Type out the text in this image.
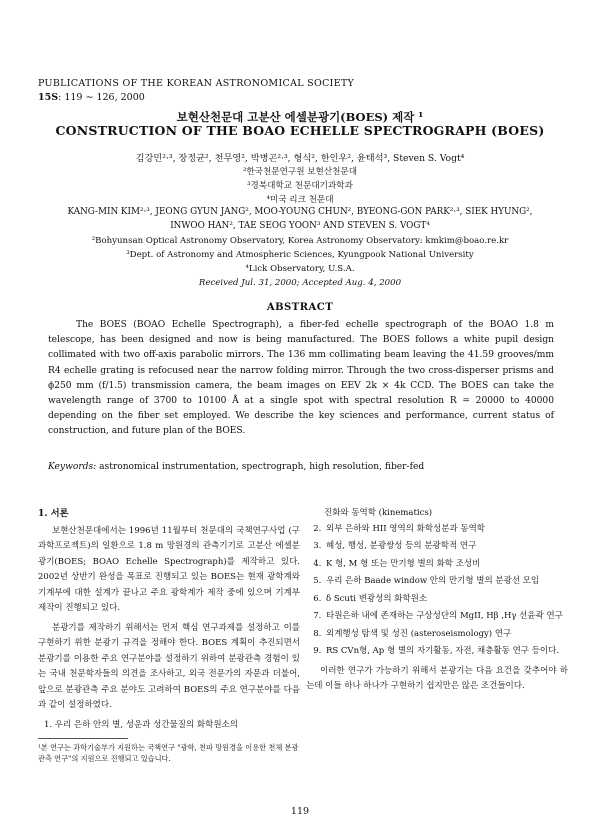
PUBLICATIONS OF THE KOREAN ASTRONOMICAL SOCIETY
15S: 119 ∼ 126, 2000
보현산천문대 고분산 에셀분광기(BOES) 제작 ¹
CONSTRUCTION OF THE BOAO ECHELLE SPECTROGRAPH (BOES)
김강민²·³, 장정균², 천무영², 박병곤²·³, 형식², 한인우², 윤태석³, Steven S. Vogt⁴
²한국천문연구원 보현산천문대
³경북대학교 천문대기과학과
⁴미국 리크 천문대
KANG-MIN KIM²·³, JEONG GYUN JANG², MOO-YOUNG CHUN², BYEONG-GON PARK²·³, SIEK HYUNG²,
INWOO HAN², TAE SEOG YOON³ AND STEVEN S. VOGT⁴
²Bohyunsan Optical Astronomy Observatory, Korea Astronomy Observatory: kmkim@boao.re.kr
³Dept. of Astronomy and Atmospheric Sciences, Kyungpook National University
⁴Lick Observatory, U.S.A.
Received Jul. 31, 2000; Accepted Aug. 4, 2000
ABSTRACT
The BOES (BOAO Echelle Spectrograph), a fiber-fed echelle spectrograph of the BOAO 1.8 m telescope, has been designed and now is being manufactured. The BOES follows a white pupil design collimated with two off-axis parabolic mirrors. The 136 mm collimating beam leaving the 41.59 grooves/mm R4 echelle grating is refocused near the narrow folding mirror. Through the two cross-disperser prisms and ϕ250 mm (f/1.5) transmission camera, the beam images on EEV 2k × 4k CCD. The BOES can take the wavelength range of 3700 to 10100 Å at a single spot with spectral resolution R = 20000 to 40000 depending on the fiber set employed. We describe the key sciences and performance, current status of construction, and future plan of the BOES.
Keywords: astronomical instrumentation, spectrograph, high resolution, fiber-fed
1. 서론

보현산천문대에서는 1996년 11월부터 천문대의 국책연구사업 (구 과학프로젝트)의 일환으로 1.8 m 망원경의 관측기기로 고분산 에셀분광기(BOES; BOAO Echelle Spectrograph)를 제작하고 있다. 2002년 상반기 완성을 목표로 진행되고 있는 BOES는 현재 광학계와 기계부에 대한 설계가 끝나고 주요 광학계가 제작 중에 있으며 기계부 제작이 진행되고 있다.

분광기를 제작하기 위해서는 먼저 핵심 연구과제를 설정하고 이를 구현하기 위한 분광기 규격을 정해야 한다. BOES 계획이 추진되면서 분광기를 이용한 주요 연구분야를 설정하기 위하여 분광관측 경험이 있는 국내 천문학자들의 의견을 조사하고, 외국 전문가의 자문과 더불어, 앞으로 분광관측 주요 분야도 고려하여 BOES의 주요 연구분야를 다음과 같이 설정하였다.

1. 우리 은하 안의 별, 성운과 성간물질의 화학원소의
¹본 연구는 과학기술부가 지원하는 국책연구 "광학, 천파 망원경을 이용한 천체 분광 관측 연구"의 지원으로 진행되고 있습니다.
진화와 동역학 (kinematics)
2. 외부 은하와 HII 영역의 화학성분과 동역학
3. 혜성, 행성, 분광쌍성 등의 분광학적 연구
4. K 형, M 형 또는 만기형 별의 화학 조성비
5. 우리 은하 Baade window 안의 만기형 별의 분광선 모임
6. δ Scuti 변광성의 화학원소
7. 타원은하 내에 존재하는 구상성단의 MgII, Hβ ,Hγ 선윤곽 연구
8. 외계행성 탐색 및 성진 (asteroseismology) 연구
9. RS CVn형, Ap 형 별의 자기활동, 자전, 채층활동 연구 등이다.

이러한 연구가 가능하기 위해서 분광기는 다음 요건을 갖추어야 하는데 이들 하나 하나가 구현하기 쉽지만은 않은 조건들이다.

119
